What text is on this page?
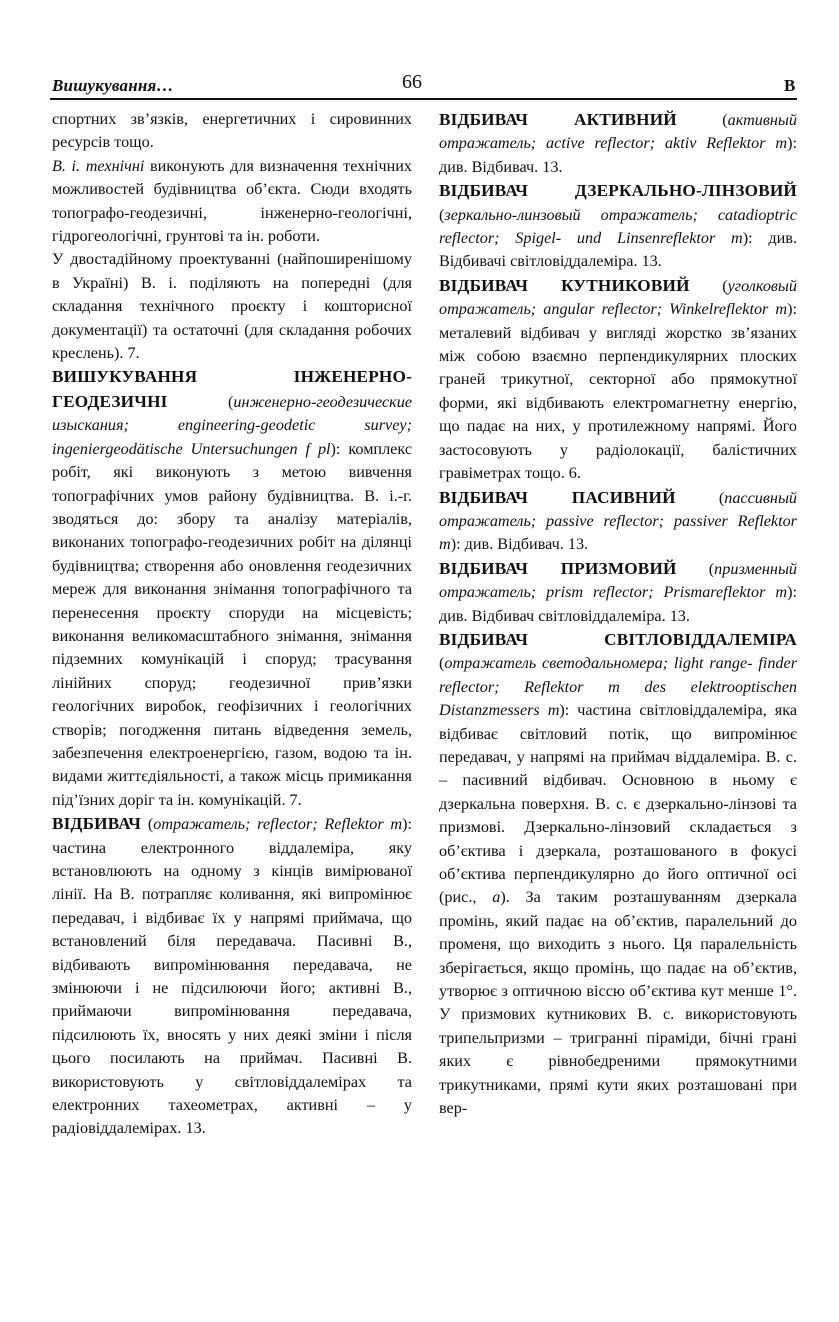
Вишукування…	66	В

спортних зв’язків, енергетичних і сировинних ресурсів тощо.

В. і. технічні виконують для визначення технічних можливостей будівництва об’єкта. Сюди входять топографо-геодезичні, інженерно-геологічні, гідрогеологічні, грунтові та ін. роботи.

У двостадійному проектуванні (найпоширенішому в Україні) В. і. поділяють на попередні (для складання технічного проєкту і кошторисної документації) та остаточні (для складання робочих креслень). 7.

ВИШУКУВАННЯ ІНЖЕНЕРНО-ГЕОДЕЗИЧНІ (инженерно-геодезические изыскания; engineering-geodetic survey; ingeniergeodätische Untersuchungen f pl): комплекс робіт, які виконують з метою вивчення топографічних умов району будівництва. В. і.-г. зводяться до: збору та аналізу матеріалів, виконаних топографо-геодезичних робіт на ділянці будівництва; створення або оновлення геодезичних мереж для виконання знімання топографічного та перенесення проєкту споруди на місцевість; виконання великомасштабного знімання, знімання підземних комунікацій і споруд; трасування лінійних споруд; геодезичної прив’язки геологічних виробок, геофізичних і геологічних створів; погодження питань відведення земель, забезпечення електроенергією, газом, водою та ін. видами життєдіяльності, а також місць примикання під’їзних доріг та ін. комунікацій. 7.

ВІДБИВАЧ (отражатель; reflector; Reflektor m): частина електронного віддалеміра, яку встановлюють на одному з кінців вимірюваної лінії. На В. потрапляє коливання, які випромінює передавач, і відбиває їх у напрямі приймача, що встановлений біля передавача. Пасивні В., відбивають випромінювання передавача, не змінюючи і не підсилюючи його; активні В., приймаючи випромінювання передавача, підсилюють їх, вносять у них деякі зміни і після цього посилають на приймач. Пасивні В. використовують у світловіддалемірах та електронних тахеометрах, активні – у радіовіддалемірах. 13.

ВІДБИВАЧ АКТИВНИЙ (активный отражатель; active reflector; aktiv Reflektor m): див. Відбивач. 13.

ВІДБИВАЧ ДЗЕРКАЛЬНО-ЛІНЗОВИЙ (зеркально-линзовый отражатель; catadioptric reflector; Spigel- und Linsenreflektor m): див. Відбивачі світловіддалеміра. 13.

ВІДБИВАЧ КУТНИКОВИЙ (уголковый отражатель; angular reflector; Winkelreflektor m): металевий відбивач у вигляді жорстко зв’язаних між собою взаємно перпендикулярних плоских граней трикутної, секторної або прямокутної форми, які відбивають електромагнетну енергію, що падає на них, у протилежному напрямі. Його застосовують у радіолокації, балістичних гравіметрах тощо. 6.

ВІДБИВАЧ ПАСИВНИЙ (пассивный отражатель; passive reflector; passiver Reflektor m): див. Відбивач. 13.

ВІДБИВАЧ ПРИЗМОВИЙ (призменный отражатель; prism reflector; Prismareflektor m): див. Відбивач світловіддалеміра. 13.

ВІДБИВАЧ СВІТЛОВІДДАЛЕМІРА (отражатель светодальномера; light range- finder reflector; Reflektor m des elektrooptischen Distanzmessers m): частина світловіддалеміра, яка відбиває світловий потік, що випромінює передавач, у напрямі на приймач віддалеміра. В. с. – пасивний відбивач. Основною в ньому є дзеркальна поверхня. В. с. є дзеркально-лінзові та призмові. Дзеркально-лінзовий складається з об’єктива і дзеркала, розташованого в фокусі об’єктива перпендикулярно до його оптичної осі (рис., а). За таким розташуванням дзеркала промінь, який падає на об’єктив, паралельний до променя, що виходить з нього. Ця паралельність зберігається, якщо промінь, що падає на об’єктив, утворює з оптичною віссю об’єктива кут менше 1°. У призмових кутникових В. с. використовують трипельпризми – тригранні піраміди, бічні грані яких є рівнобедреними прямокутними трикутниками, прямі кути яких розташовані при вер-
